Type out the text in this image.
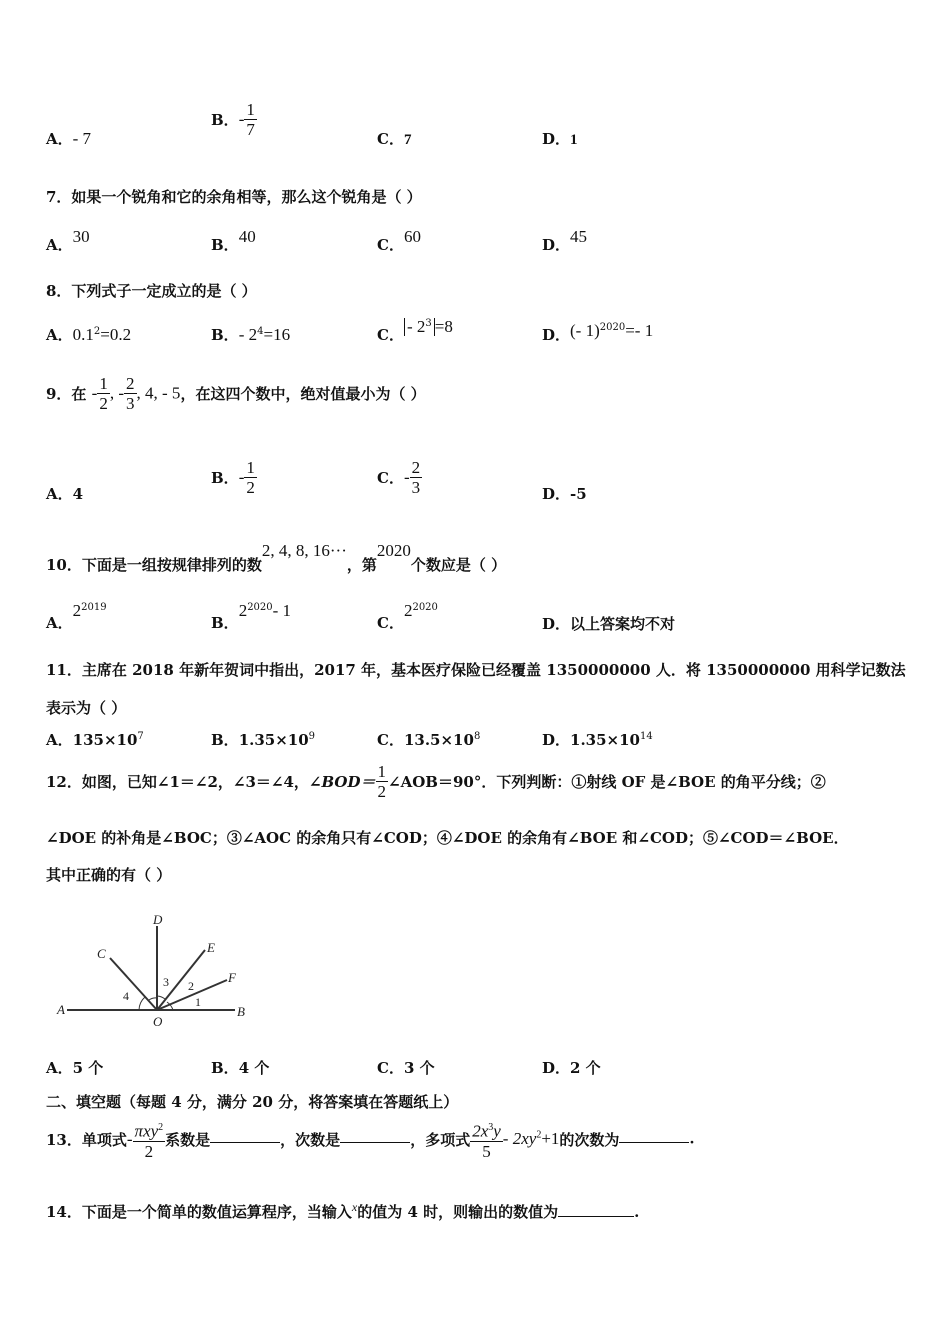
A．- 7
B．- $\frac{1}{7}$	C．7	D．1
7．如果一个锐角和它的余角相等，那么这个锐角是（ ）
A．30	B．40	C．60	D．45
8．下列式子一定成立的是（ ）
A．$0.1^2=0.2$	B．- $2^4=16$	C． - $2^3 =8$	D．(- 1)$^{2020}$=- 1
9．在 - $\frac{1}{2}$ , - $\frac{2}{3}$ , 4, - 5，在这四个数中，绝对值最小为（ ）
A．4
B．- $\frac{1}{2}$	C．- $\frac{2}{3}$	D．-5
10．下面是一组按规律排列的数2, 4, 8, 16···，第2020个数应是（ ）
A．$2^{2019}$
B．$2^{2020}-$ 1
C．$2^{2020}$
D．以上答案均不对
11．主席在 2018 年新年贺词中指出，2017 年，基本医疗保险已经覆盖 1350000000 人．将 1350000000 用科学记数法
表示为（ ）
A．$135\times 10^7$	B．$1.35\times 10^9$	C．$13.5\times 10^8$	D．$1.35\times 10^{14}$
12．如图，已知∠1＝∠2，∠3＝∠4，∠BOD＝ $\frac{1}{2}$ ∠AOB＝90°．下列判断：①射线 OF 是∠BOE 的角平分线；②
∠DOE 的补角是∠BOC；③∠AOC 的余角只有∠COD；④∠DOE 的余角有∠BOE 和∠COD；⑤∠COD＝∠BOE．
其中正确的有（ ）
A	B
C
D
E
F
O
1
2
3
4
A．5 个	B．4 个	C．3 个	D．2 个
二、填空题（每题 4 分，满分 20 分，将答案填在答题纸上）
13．单项式- $\frac{\pi xy^2}{2}$ 系数是	，次数是	，多项式 $\frac{2x^3y}{5} - 2xy^2+1$的次数为	.
14．下面是一个简单的数值运算程序，当输入$^x$的值为 4 时，则输出的数值为	.
